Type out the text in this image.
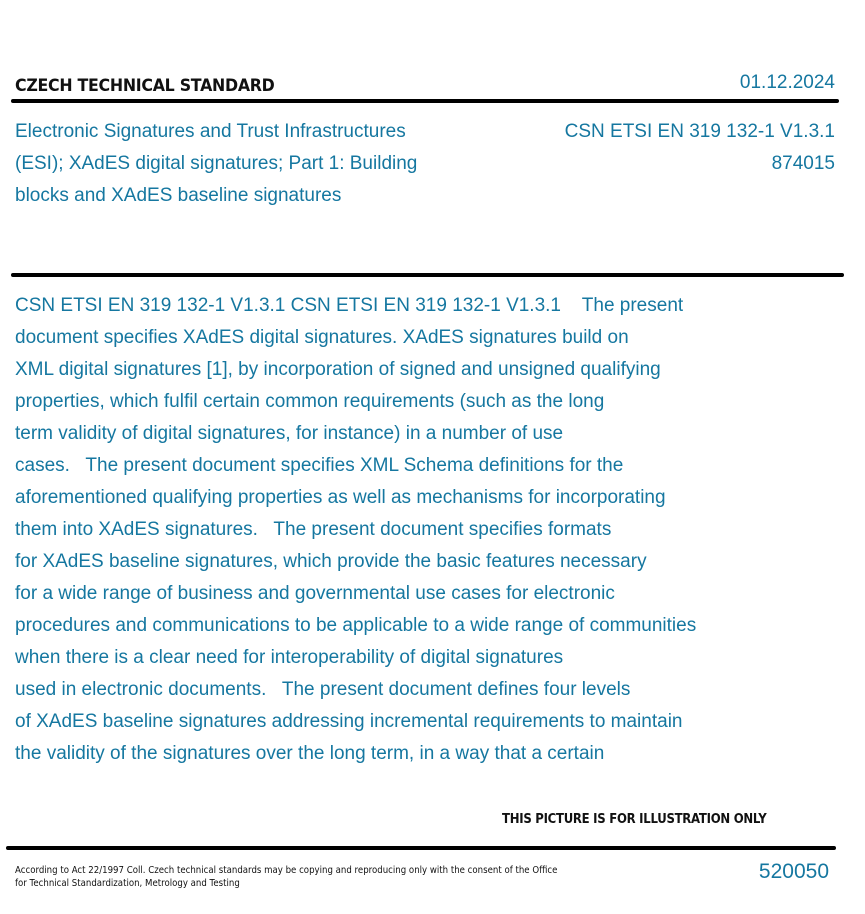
CZECH TECHNICAL STANDARD	01.12.2024
Electronic Signatures and Trust Infrastructures
(ESI); XAdES digital signatures; Part 1: Building
blocks and XAdES baseline signatures
CSN ETSI EN 319 132-1 V1.3.1
874015
CSN ETSI EN 319 132-1 V1.3.1 CSN ETSI EN 319 132-1 V1.3.1    The present
document specifies XAdES digital signatures. XAdES signatures build on
XML digital signatures [1], by incorporation of signed and unsigned qualifying
properties, which fulfil certain common requirements (such as the long
term validity of digital signatures, for instance) in a number of use
cases.   The present document specifies XML Schema definitions for the
aforementioned qualifying properties as well as mechanisms for incorporating
them into XAdES signatures.   The present document specifies formats
for XAdES baseline signatures, which provide the basic features necessary
for a wide range of business and governmental use cases for electronic
procedures and communications to be applicable to a wide range of communities
when there is a clear need for interoperability of digital signatures
used in electronic documents.   The present document defines four levels
of XAdES baseline signatures addressing incremental requirements to maintain
the validity of the signatures over the long term, in a way that a certain
THIS PICTURE IS FOR ILLUSTRATION ONLY
According to Act 22/1997 Coll. Czech technical standards may be copying and reproducing only with the consent of the Office
for Technical Standardization, Metrology and Testing
520050
